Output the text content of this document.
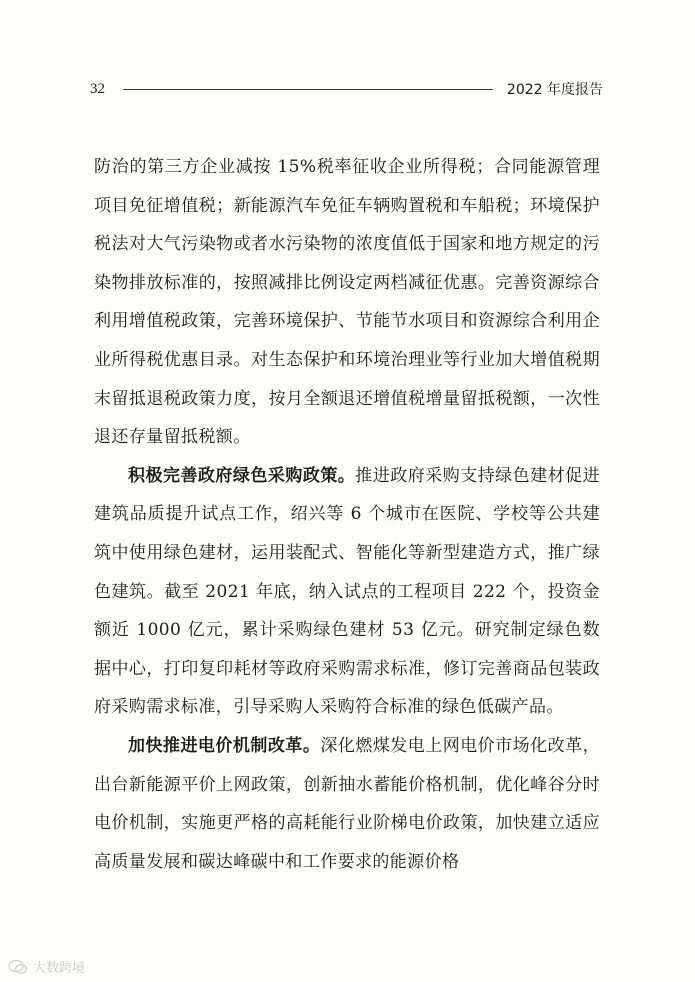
32	2022 年度报告

防治的第三方企业减按 15%税率征收企业所得税；合同能源管理项目免征增值税；新能源汽车免征车辆购置税和车船税；环境保护税法对大气污染物或者水污染物的浓度值低于国家和地方规定的污染物排放标准的，按照减排比例设定两档减征优惠。完善资源综合利用增值税政策，完善环境保护、节能节水项目和资源综合利用企业所得税优惠目录。对生态保护和环境治理业等行业加大增值税期末留抵退税政策力度，按月全额退还增值税增量留抵税额，一次性退还存量留抵税额。

积极完善政府绿色采购政策。推进政府采购支持绿色建材促进建筑品质提升试点工作，绍兴等 6 个城市在医院、学校等公共建筑中使用绿色建材，运用装配式、智能化等新型建造方式，推广绿色建筑。截至 2021 年底，纳入试点的工程项目 222 个，投资金额近 1000 亿元，累计采购绿色建材 53 亿元。研究制定绿色数据中心，打印复印耗材等政府采购需求标准，修订完善商品包装政府采购需求标准，引导采购人采购符合标准的绿色低碳产品。

加快推进电价机制改革。深化燃煤发电上网电价市场化改革，出台新能源平价上网政策，创新抽水蓄能价格机制，优化峰谷分时电价机制，实施更严格的高耗能行业阶梯电价政策，加快建立适应高质量发展和碳达峰碳中和工作要求的能源价格

大数跨境
